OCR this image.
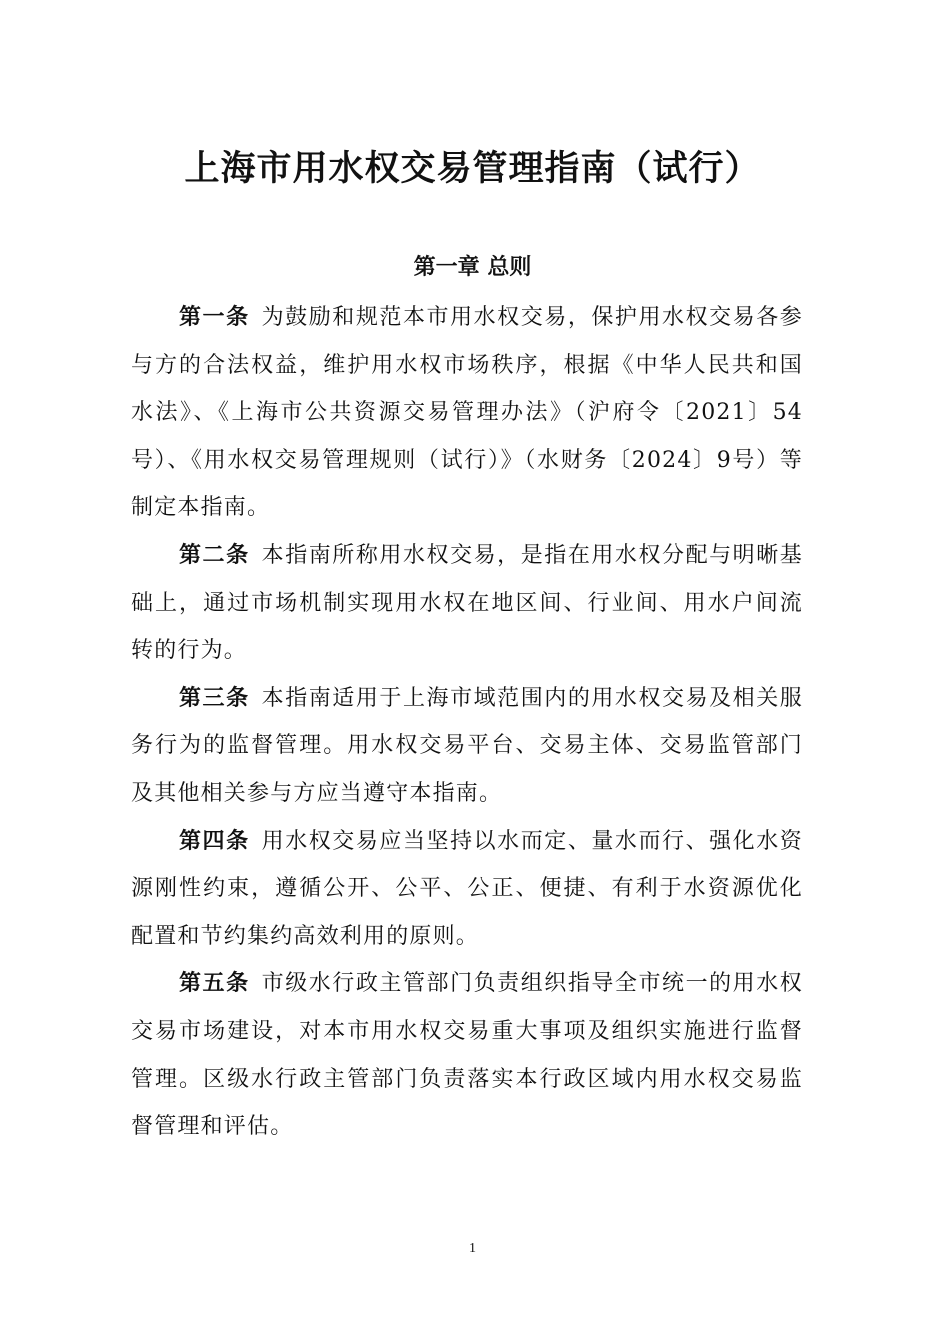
上海市用水权交易管理指南（试行）
第一章 总则

第一条 为鼓励和规范本市用水权交易，保护用水权交易各参与方的合法权益，维护用水权市场秩序，根据《中华人民共和国水法》、《上海市公共资源交易管理办法》（沪府令〔2021〕54号）、《用水权交易管理规则（试行）》（水财务〔2024〕9号）等制定本指南。

第二条 本指南所称用水权交易，是指在用水权分配与明晰基础上，通过市场机制实现用水权在地区间、行业间、用水户间流转的行为。

第三条 本指南适用于上海市域范围内的用水权交易及相关服务行为的监督管理。用水权交易平台、交易主体、交易监管部门及其他相关参与方应当遵守本指南。

第四条 用水权交易应当坚持以水而定、量水而行、强化水资源刚性约束，遵循公开、公平、公正、便捷、有利于水资源优化配置和节约集约高效利用的原则。

第五条 市级水行政主管部门负责组织指导全市统一的用水权交易市场建设，对本市用水权交易重大事项及组织实施进行监督管理。区级水行政主管部门负责落实本行政区域内用水权交易监督管理和评估。

1
